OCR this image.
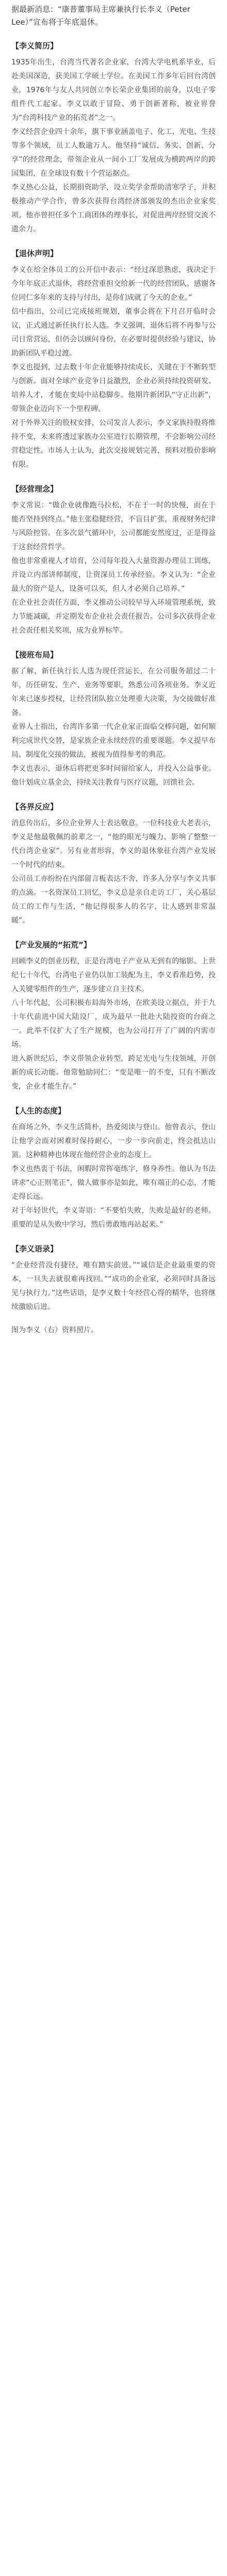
据最新消息：“康普董事局主席兼执行长李义（Peter Lee）”宣布将于年底退休。

【李义简历】

1935年出生，台湾当代著名企业家，台湾大学电机系毕业，后赴美国深造，获美国工学硕士学位。在美国工作多年后回台湾创业，1976年与友人共同创立李长荣企业集团的前身，以电子零组件代工起家。李义以敢于冒险、勇于创新著称，被业界誉为“台湾科技产业的拓荒者”之一。

李义经营企业四十余年，旗下事业涵盖电子、化工、光电、生技等多个领域，员工人数逾万人。他坚持“诚信、务实、创新、分享”的经营理念，带领企业从一间小工厂发展成为横跨两岸的跨国集团，在全球设有数十个营运据点。

李义热心公益，长期捐资助学，设立奖学金帮助清寒学子，并积极推动产学合作，曾多次获得台湾经济部颁发的杰出企业家奖项。他亦曾担任多个工商团体的理事长，对促进两岸经贸交流不遗余力。

【退休声明】

李义在给全体员工的公开信中表示：“经过深思熟虑，我决定于今年年底正式退休，将经营重担交给新一代的经营团队。感谢各位同仁多年来的支持与付出，是你们成就了今天的企业。”

信中指出，公司已完成接班规划，董事会将在下月召开临时会议，正式通过新任执行长人选。李义强调，退休后将不再参与公司日常营运，但仍会以顾问身份，在必要时提供经验与建议，协助新团队平稳过渡。

李义也提到，过去数十年企业能够持续成长，关键在于不断转型与创新。面对全球产业竞争日益激烈，企业必须持续投资研发、培养人才，才能在变局中站稳脚步。他期许新团队“守正出新”，带领企业迈向下一个里程碑。

对于外界关注的股权安排，公司发言人表示，李义家族持股将维持不变，未来将透过家族办公室进行长期管理，不会影响公司经营稳定性。市场人士认为，此次交接规划完善，预料对股价影响有限。

【经营理念】

李义常说：“做企业就像跑马拉松，不在于一时的快慢，而在于能否坚持到终点。”他主张稳健经营，不盲目扩张，重视财务纪律与风险控管。在多次景气循环中，公司都能安然度过，正是得益于这套经营哲学。

他也非常重视人才培育，公司每年投入大量资源办理员工训练，并设立内部讲师制度，让资深员工传承经验。李义认为：“企业最大的资产是人，设备可以买，但人才必须自己培养。”

在企业社会责任方面，李义推动公司较早导入环境管理系统，致力节能减碳，并定期发布企业社会责任报告。公司多次获得企业社会责任相关奖项，成为业界标竿。

【接班布局】

据了解，新任执行长人选为现任营运长，在公司服务超过二十年，历任研发、生产、业务等要职，熟悉公司各项业务。李义近年来已逐步授权，让经营团队独立处理重大决策，为交接做好准备。

业界人士指出，台湾许多第一代企业家正面临交棒问题，如何顺利完成世代交替，是家族企业永续经营的重要课题。李义提早布局、制度化交接的做法，被视为值得参考的典范。

李义也表示，退休后将把更多时间留给家人，并投入公益事业。他计划成立基金会，持续关注教育与医疗议题，回馈社会。

【各界反应】

消息传出后，多位企业界人士表达敬意。一位科技业大老表示，李义是他最敬佩的前辈之一，“他的眼光与魄力，影响了整整一代台湾企业家”。另有业者形容，李义的退休象征台湾产业发展一个时代的结束。

公司员工亦纷纷在内部留言板表达不舍，许多人分享与李义共事的点滴。一名资深员工回忆，李义总是亲自走访工厂，关心基层员工的工作与生活，“他记得很多人的名字，让人感到非常温暖”。

【产业发展的“拓荒”】

回顾李义的创业历程，正是台湾电子产业从无到有的缩影。上世纪七十年代，台湾电子业仍以加工装配为主，李义看准趋势，投入关键零组件的生产，逐步建立自主技术。

八十年代起，公司积极布局海外市场，在欧美设立据点，并于九十年代前进中国大陆设厂，成为最早一批赴大陆投资的台商之一。此举不仅扩大了生产规模，也为公司打开了广阔的内需市场。

进入新世纪后，李义带领企业转型，跨足光电与生技领域，开创新的成长动能。他常勉励同仁：“变是唯一的不变，只有不断改变，企业才能生存。”

【人生的态度】

在商场之外，李义生活简朴，热爱阅读与登山。他曾表示，登山让他学会面对困难时保持耐心，一步一步向前走，终会抵达山顶。这种精神也体现在他经营企业的态度上。

李义也热衷于书法，闲暇时常挥毫练字，修身养性。他认为书法讲求“心正则笔正”，做人做事亦是如此，唯有端正的心态，才能走得长远。

对于年轻世代，李义寄语：“不要怕失败，失败是最好的老师。重要的是从失败中学习，然后勇敢地再站起来。”

【李义语录】

“企业经营没有捷径，唯有踏实前进。”“诚信是企业最重要的资本，一旦失去就很难再找回。”“成功的企业家，必须同时具备远见与执行力。”这些话语，是李义数十年经营心得的精华，也将继续激励后进。

图为李义（右）资料照片。
